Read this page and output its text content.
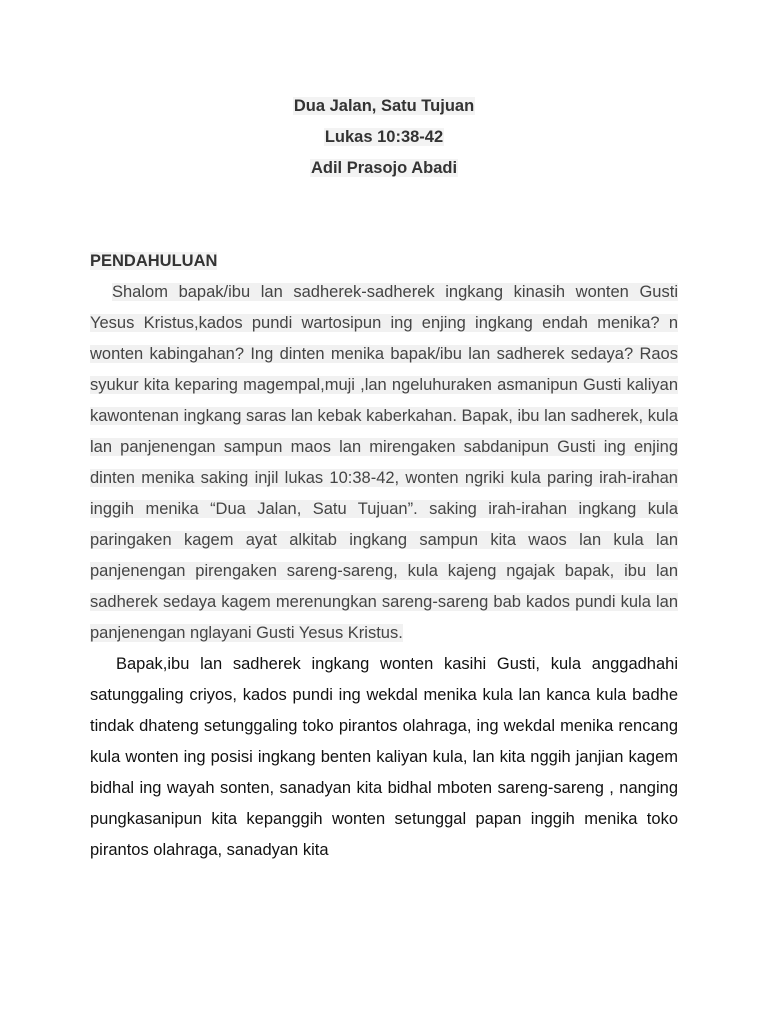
Dua Jalan, Satu Tujuan
Lukas 10:38-42
Adil Prasojo Abadi
PENDAHULUAN

Shalom bapak/ibu lan sadherek-sadherek ingkang kinasih wonten Gusti Yesus Kristus,kados pundi wartosipun ing enjing ingkang endah menika? n wonten kabingahan? Ing dinten menika bapak/ibu lan sadherek sedaya? Raos syukur kita keparing magempal,muji ,lan ngeluhuraken asmanipun Gusti kaliyan kawontenan ingkang saras lan kebak kaberkahan. Bapak, ibu lan sadherek, kula lan panjenengan sampun maos lan mirengaken sabdanipun Gusti ing enjing dinten menika saking injil lukas 10:38-42, wonten ngriki kula paring irah-irahan inggih menika “Dua Jalan, Satu Tujuan”. saking irah-irahan ingkang kula paringaken kagem ayat alkitab ingkang sampun kita waos lan kula lan panjenengan pirengaken sareng-sareng, kula kajeng ngajak bapak, ibu lan sadherek sedaya kagem merenungkan sareng-sareng bab kados pundi kula lan panjenengan nglayani Gusti Yesus Kristus.

Bapak,ibu lan sadherek ingkang wonten kasihi Gusti, kula anggadhahi satunggaling criyos, kados pundi ing wekdal menika kula lan kanca kula badhe tindak dhateng setunggaling toko pirantos olahraga, ing wekdal menika rencang kula wonten ing posisi ingkang benten kaliyan kula, lan kita nggih janjian kagem bidhal ing wayah sonten, sanadyan kita bidhal mboten sareng-sareng , nanging pungkasanipun kita kepanggih wonten setunggal papan inggih menika toko pirantos olahraga, sanadyan kita
